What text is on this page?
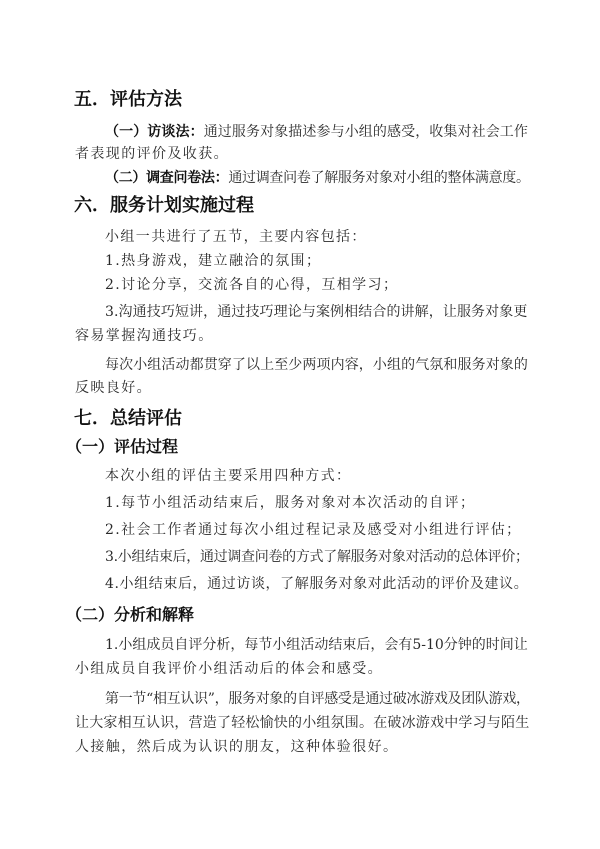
五．评估方法
（一）访谈法：通过服务对象描述参与小组的感受，收集对社会工作
者表现的评价及收获。
（二）调查问卷法：通过调查问卷了解服务对象对小组的整体满意度。
六．服务计划实施过程
小组一共进行了五节，主要内容包括：
1.热身游戏，建立融洽的氛围；
2.讨论分享，交流各自的心得，互相学习；
3.沟通技巧短讲，通过技巧理论与案例相结合的讲解，让服务对象更
容易掌握沟通技巧。
每次小组活动都贯穿了以上至少两项内容，小组的气氛和服务对象的
反映良好。
七．总结评估
（一）评估过程
本次小组的评估主要采用四种方式：
1.每节小组活动结束后，服务对象对本次活动的自评；
2.社会工作者通过每次小组过程记录及感受对小组进行评估；
3.小组结束后，通过调查问卷的方式了解服务对象对活动的总体评价；
4.小组结束后，通过访谈，了解服务对象对此活动的评价及建议。
（二）分析和解释
1.小组成员自评分析，每节小组活动结束后，会有5-10分钟的时间让
小组成员自我评价小组活动后的体会和感受。
第一节“相互认识”，服务对象的自评感受是通过破冰游戏及团队游戏，
让大家相互认识，营造了轻松愉快的小组氛围。在破冰游戏中学习与陌生
人接触，然后成为认识的朋友，这种体验很好。
